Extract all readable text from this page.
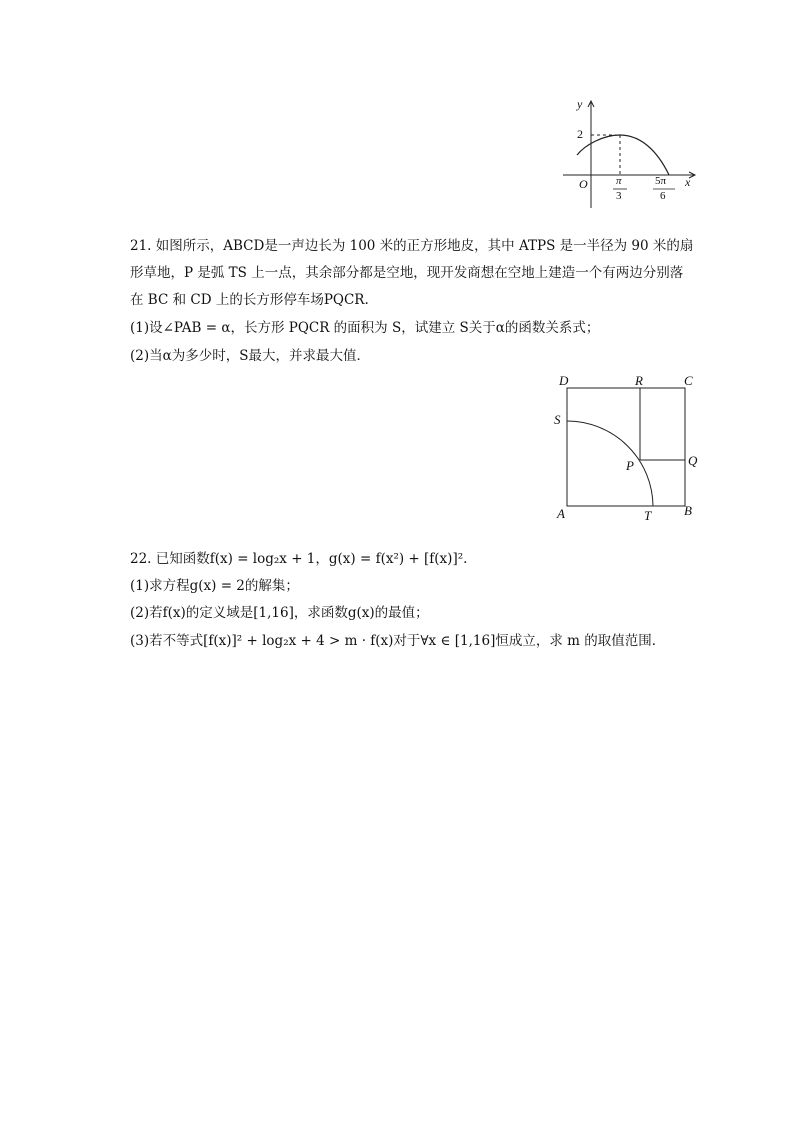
y
x
O
2
π
3
5π
6
21. 如图所示，ABCD是一声边长为 100 米的正方形地皮，其中 ATPS 是一半径为 90 米的扇
形草地，P 是弧 TS 上一点，其余部分都是空地，现开发商想在空地上建造一个有两边分别落
在 BC 和 CD 上的长方形停车场PQCR.
(1)设∠PAB = α，长方形 PQCR 的面积为 S，试建立 S关于α的函数关系式；
(2)当α为多少时，S最大，并求最大值．
D	R	C
S
P	Q
A	T	B
22. 已知函数f(x) = log₂x + 1，g(x) = f(x²) + [f(x)]².
(1)求方程g(x) = 2的解集；
(2)若f(x)的定义域是[1,16]，求函数g(x)的最值；
(3)若不等式[f(x)]² + log₂x + 4 > m · f(x)对于∀x ∈ [1,16]恒成立，求 m 的取值范围．
